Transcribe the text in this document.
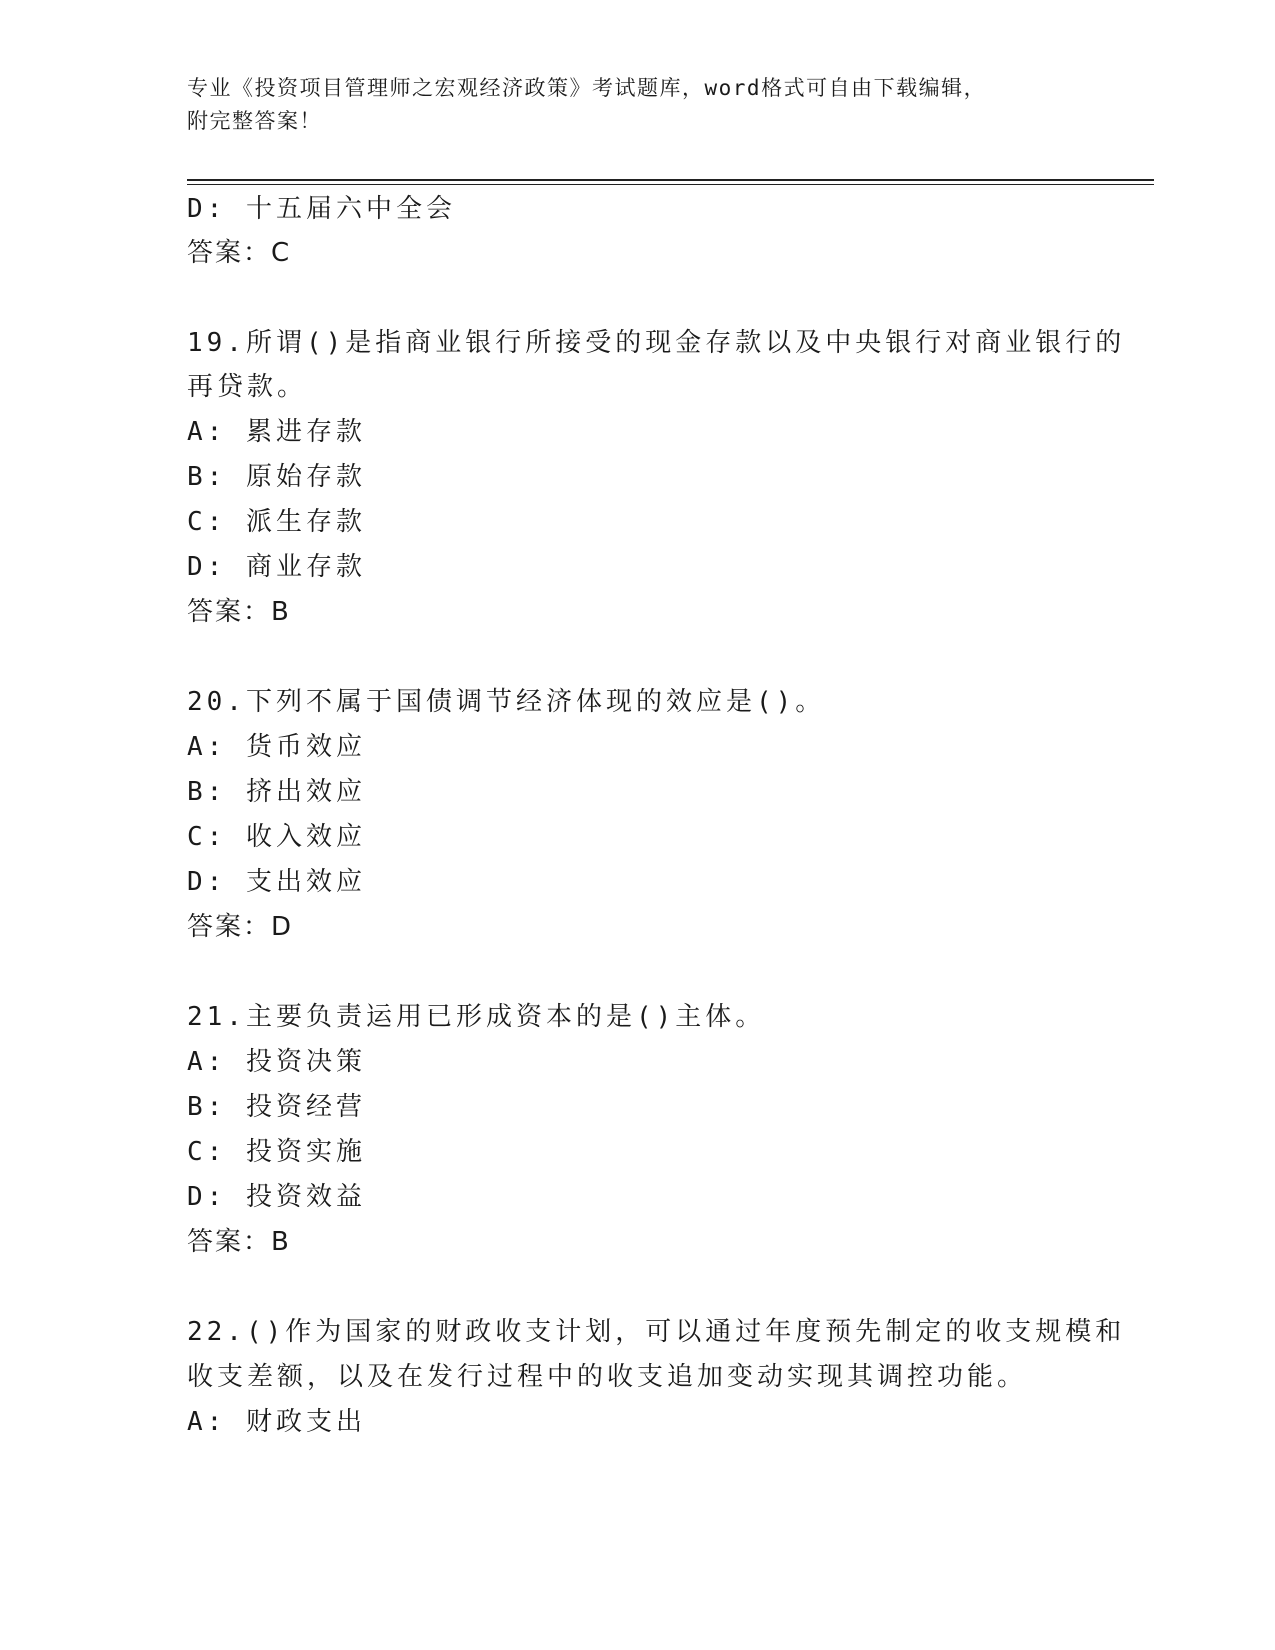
专业《投资项目管理师之宏观经济政策》考试题库，word格式可自由下载编辑，
附完整答案！
D: 十五届六中全会
答案：C
19.所谓()是指商业银行所接受的现金存款以及中央银行对商业银行的
再贷款。
A: 累进存款
B: 原始存款
C: 派生存款
D: 商业存款
答案：B
20.下列不属于国债调节经济体现的效应是()。
A: 货币效应
B: 挤出效应
C: 收入效应
D: 支出效应
答案：D
21.主要负责运用已形成资本的是()主体。
A: 投资决策
B: 投资经营
C: 投资实施
D: 投资效益
答案：B
22.()作为国家的财政收支计划，可以通过年度预先制定的收支规模和
收支差额，以及在发行过程中的收支追加变动实现其调控功能。
A: 财政支出
